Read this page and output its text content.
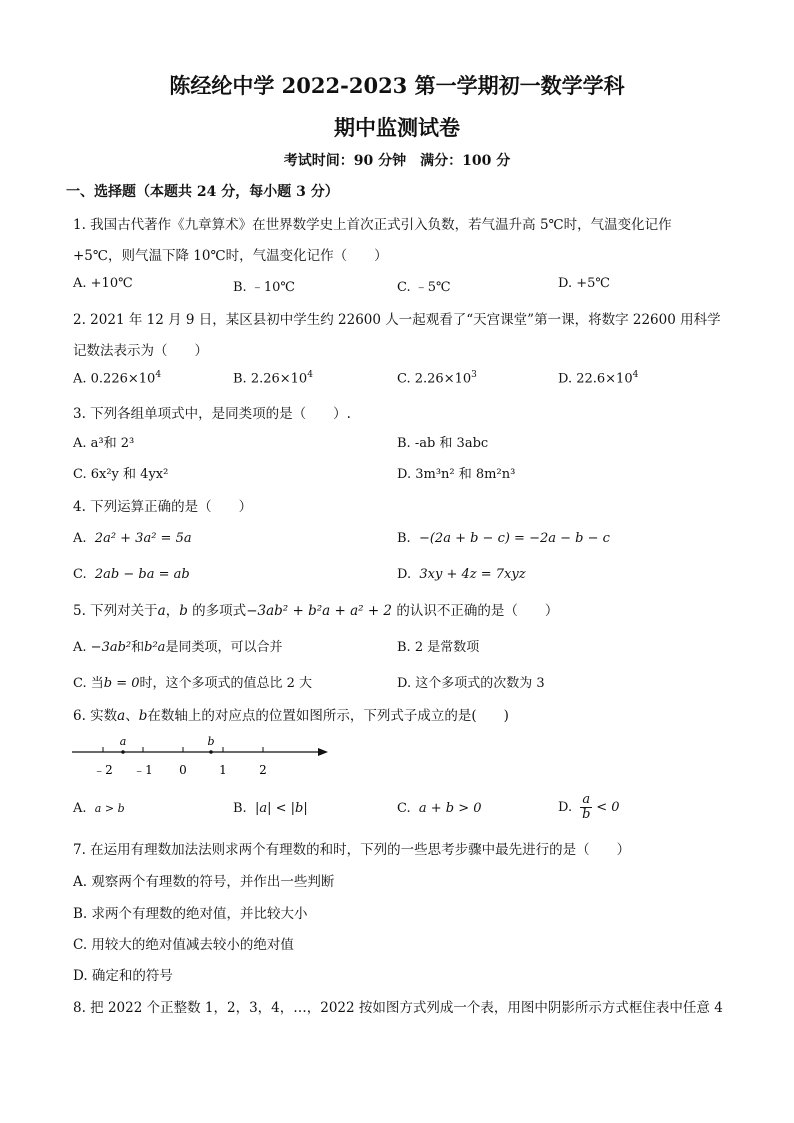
陈经纶中学 2022-2023 第一学期初一数学学科
期中监测试卷
考试时间：90 分钟　满分：100 分
一、选择题（本题共 24 分，每小题 3 分）
1. 我国古代著作《九章算术》在世界数学史上首次正式引入负数，若气温升高 5℃时，气温变化记作
+5℃，则气温下降 10℃时，气温变化记作（　　）
A. +10℃	B. ﹣10℃	C. ﹣5℃	D. +5℃
2. 2021 年 12 月 9 日，某区县初中学生约 22600 人一起观看了“天宫课堂”第一课，将数字 22600 用科学
记数法表示为（　　）
A. $0.226\times 10^4$	B. $2.26\times 10^4$	C. $2.26\times 10^3$	D. $22.6\times 10^4$
3. 下列各组单项式中，是同类项的是（　　）.
A. a³和 2³	B. -ab 和 3abc
C. 6x²y 和 4yx²	D. 3m³n² 和 8m²n³
4. 下列运算正确的是（　　）
A. 2a² + 3a² = 5a	B. −(2a + b − c) = −2a − b − c
C. 2ab − ba = ab	D. 3xy + 4z = 7xyz
5. 下列对关于a，b 的多项式−3ab² + b²a + a² + 2 的认识不正确的是（　　）
A. −3ab²和b²a是同类项，可以合并	B. 2 是常数项
C. 当b = 0时，这个多项式的值总比 2 大	D. 这个多项式的次数为 3
6. 实数a、b在数轴上的对应点的位置如图所示，下列式子成立的是(　　)
﹣2 ﹣1 0	1	2
a	b
A. a > b	B. |a| < |b|	C. a + b > 0	D. $\frac{a}{b} < 0$
7. 在运用有理数加法法则求两个有理数的和时，下列的一些思考步骤中最先进行的是（　　）
A. 观察两个有理数的符号，并作出一些判断
B. 求两个有理数的绝对值，并比较大小
C. 用较大的绝对值减去较小的绝对值
D. 确定和的符号
8. 把 2022 个正整数 1，2，3，4，…，2022 按如图方式列成一个表，用图中阴影所示方式框住表中任意 4
